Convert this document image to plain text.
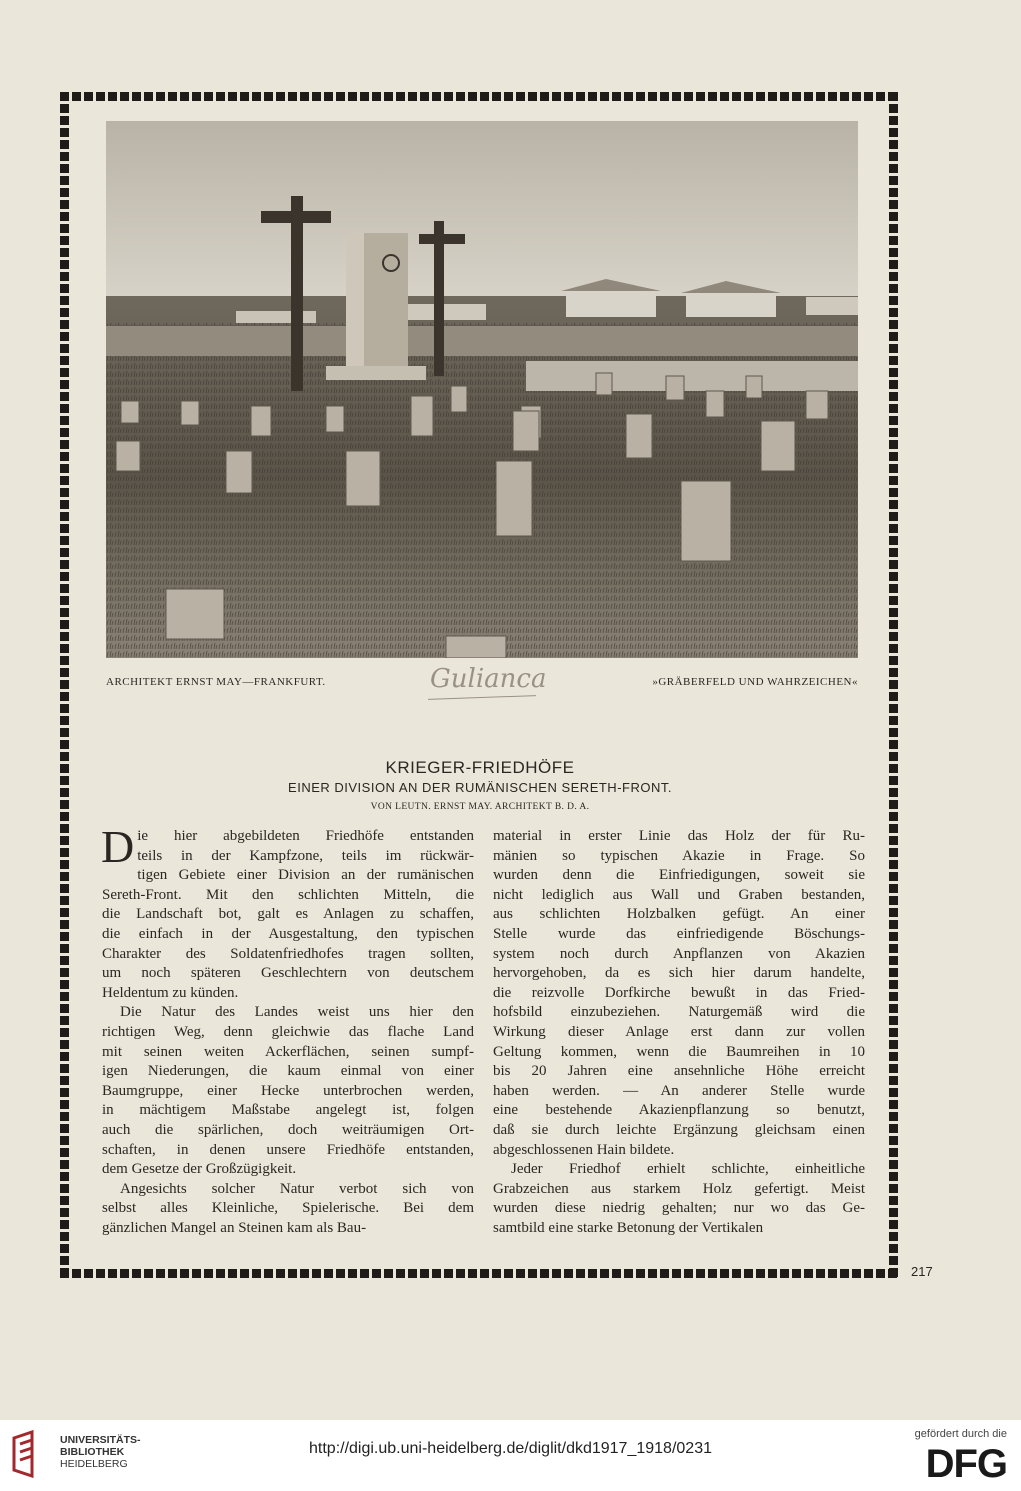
ARCHITEKT ERNST MAY—FRANKFURT.	Gulianca	»GRÄBERFELD UND WAHRZEICHEN«
KRIEGER-FRIEDHÖFE
EINER DIVISION AN DER RUMÄNISCHEN SERETH-FRONT.
VON LEUTN. ERNST MAY. ARCHITEKT B. D. A.
D ie hier abgebildeten Friedhöfe entstanden

teils in der Kampfzone, teils im rückwär-

tigen Gebiete einer Division an der rumänischen

Sereth-Front. Mit den schlichten Mitteln, die

die Landschaft bot, galt es Anlagen zu schaffen,

die einfach in der Ausgestaltung, den typischen

Charakter des Soldatenfriedhofes tragen sollten,

um noch späteren Geschlechtern von deutschem

Heldentum zu künden.

Die Natur des Landes weist uns hier den

richtigen Weg, denn gleichwie das flache Land

mit seinen weiten Ackerflächen, seinen sumpf-

igen Niederungen, die kaum einmal von einer

Baumgruppe, einer Hecke unterbrochen werden,

in mächtigem Maßstabe angelegt ist, folgen

auch die spärlichen, doch weiträumigen Ort-

schaften, in denen unsere Friedhöfe entstanden,

dem Gesetze der Großzügigkeit.

Angesichts solcher Natur verbot sich von

selbst alles Kleinliche, Spielerische. Bei dem

gänzlichen Mangel an Steinen kam als Bau-

material in erster Linie das Holz der für Ru-

mänien so typischen Akazie in Frage. So

wurden denn die Einfriedigungen, soweit sie

nicht lediglich aus Wall und Graben bestanden,

aus schlichten Holzbalken gefügt. An einer

Stelle wurde das einfriedigende Böschungs-

system noch durch Anpflanzen von Akazien

hervorgehoben, da es sich hier darum handelte,

die reizvolle Dorfkirche bewußt in das Fried-

hofsbild einzubeziehen. Naturgemäß wird die

Wirkung dieser Anlage erst dann zur vollen

Geltung kommen, wenn die Baumreihen in 10

bis 20 Jahren eine ansehnliche Höhe erreicht

haben werden. — An anderer Stelle wurde

eine bestehende Akazienpflanzung so benutzt,

daß sie durch leichte Ergänzung gleichsam einen

abgeschlossenen Hain bildete.

Jeder Friedhof erhielt schlichte, einheitliche

Grabzeichen aus starkem Holz gefertigt. Meist

wurden diese niedrig gehalten; nur wo das Ge-

samtbild eine starke Betonung der Vertikalen

217
UNIVERSITÄTS-
BIBLIOTHEK
HEIDELBERG
http://digi.ub.uni-heidelberg.de/diglit/dkd1917_1918/0231
gefördert durch die
DFG
